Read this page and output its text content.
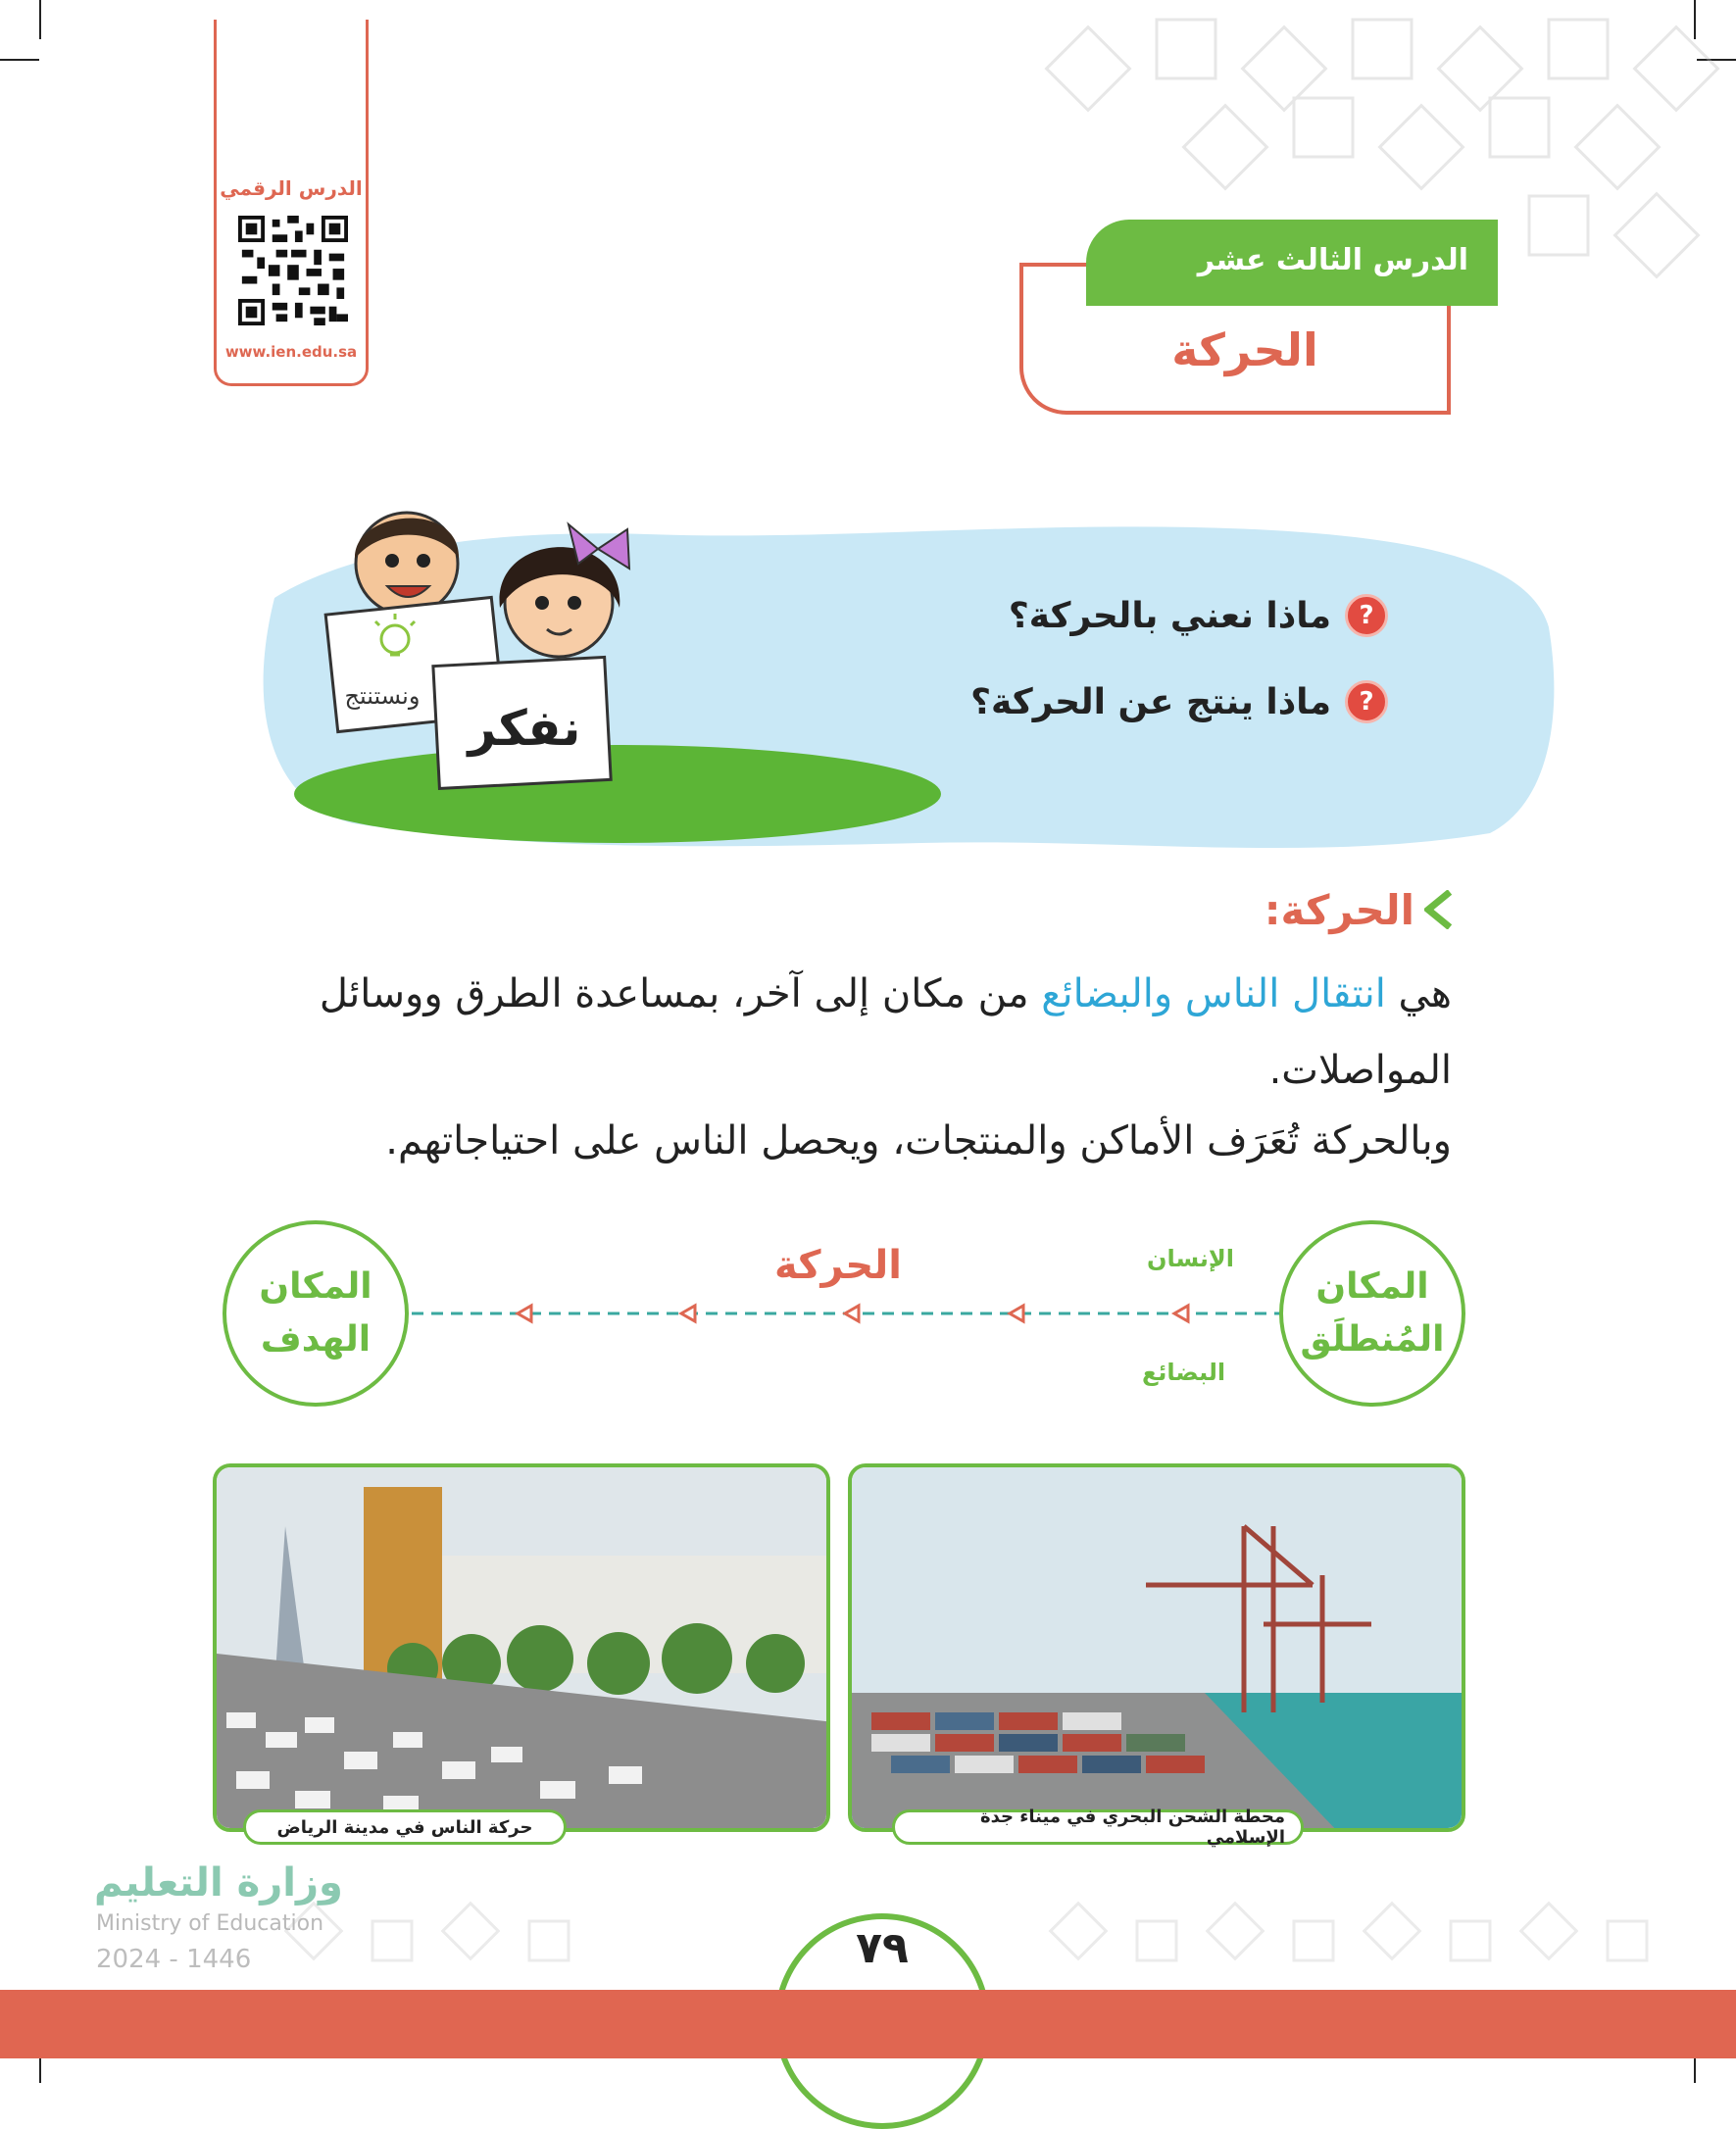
الدرس الرقمي
www.ien.edu.sa
الدرس الثالث عشر
الحركة
ونستنتج
نفكر
?
ماذا نعني بالحركة؟
?
ماذا ينتج عن الحركة؟
الحركة:
هي انتقال الناس والبضائع من مكان إلى آخر، بمساعدة الطرق ووسائل المواصلات.
وبالحركة تُعَرَف الأماكن والمنتجات، ويحصل الناس على احتياجاتهم.
المكان
المُنطلَق
المكان
الهدف
الحركة	الإنسان
البضائع
محطة الشحن البحري في ميناء جدة الإسلامي
حركة الناس في مدينة الرياض
٧٩
وزارة التعليم
Ministry of Education
2024 - 1446
